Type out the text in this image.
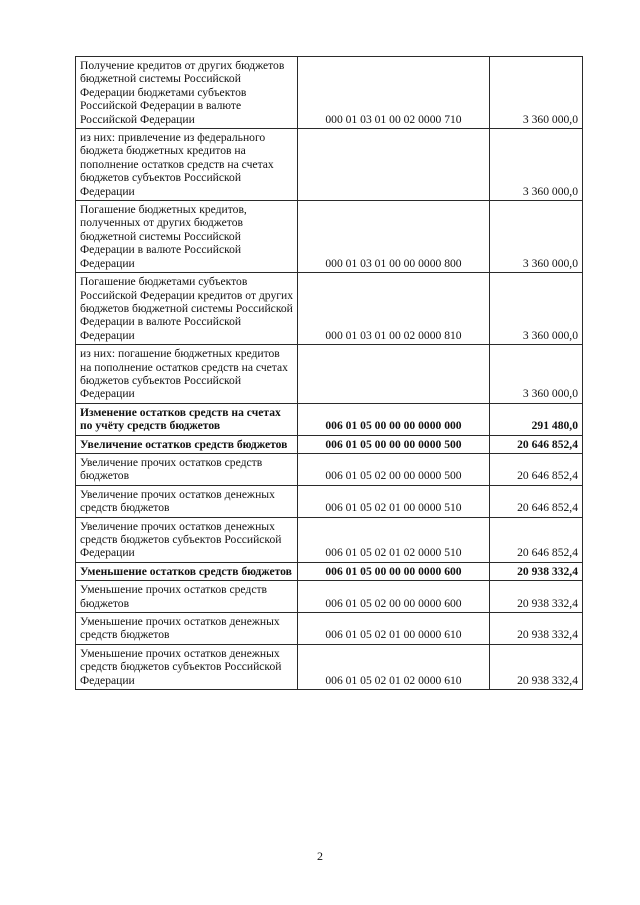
Получение кредитов от других бюджетов бюджетной системы Российской Федерации бюджетами субъектов Российской Федерации в валюте Российской Федерации	000 01 03 01 00 02 0000 710	3 360 000,0
из них: привлечение из федерального бюджета бюджетных кредитов на пополнение остатков средств на счетах бюджетов субъектов Российской Федерации		3 360 000,0
Погашение бюджетных кредитов, полученных от других бюджетов бюджетной системы Российской Федерации в валюте Российской Федерации	000 01 03 01 00 00 0000 800	3 360 000,0
Погашение бюджетами субъектов Российской Федерации кредитов от других бюджетов бюджетной системы Российской Федерации в валюте Российской Федерации	000 01 03 01 00 02 0000 810	3 360 000,0
из них: погашение бюджетных кредитов на пополнение остатков средств на счетах бюджетов субъектов Российской Федерации		3 360 000,0
Изменение остатков средств на счетах по учёту средств бюджетов	006 01 05 00 00 00 0000 000	291 480,0
Увеличение остатков средств бюджетов	006 01 05 00 00 00 0000 500	20 646 852,4
Увеличение прочих остатков средств бюджетов	006 01 05 02 00 00 0000 500	20 646 852,4
Увеличение прочих остатков денежных средств бюджетов	006 01 05 02 01 00 0000 510	20 646 852,4
Увеличение прочих остатков денежных средств бюджетов субъектов Российской Федерации	006 01 05 02 01 02 0000 510	20 646 852,4
Уменьшение остатков средств бюджетов	006 01 05 00 00 00 0000 600	20 938 332,4
Уменьшение прочих остатков средств бюджетов	006 01 05 02 00 00 0000 600	20 938 332,4
Уменьшение прочих остатков денежных средств бюджетов	006 01 05 02 01 00 0000 610	20 938 332,4
Уменьшение прочих остатков денежных средств бюджетов субъектов Российской Федерации	006 01 05 02 01 02 0000 610	20 938 332,4
2
